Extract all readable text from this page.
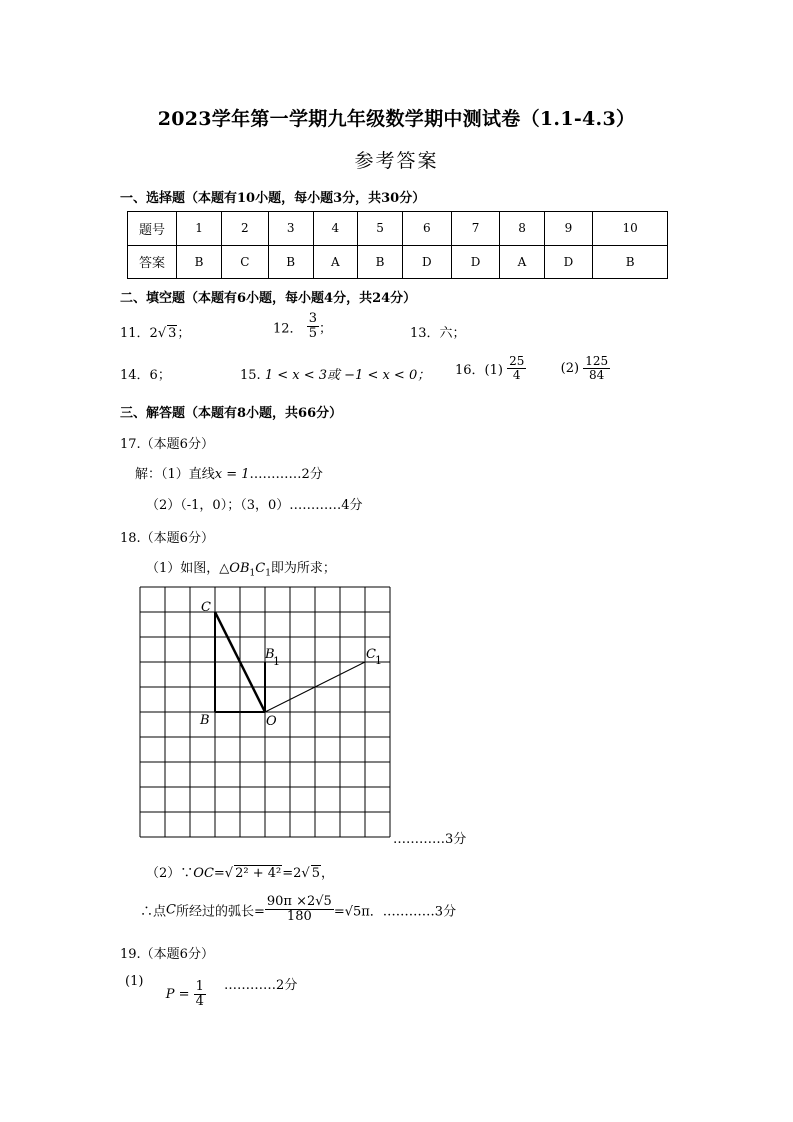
2023学年第一学期九年级数学期中测试卷（1.1-4.3）
参考答案
一、选择题（本题有10小题，每小题3分，共30分）
题号	1	2	3	4	5	6	7	8	9	10
答案	B	C	B	A	B	D	D	A	D	B
二、填空题（本题有6小题，每小题4分，共24分）
11．2√ 3；	12． $\frac{3}{5}$ ；	13．六；
14．6；	15. 1 < x < 3或 −1 < x < 0； 16．$(1) \frac{25}{4}$	$(2) \frac{125}{84}$
三、解答题（本题有8小题，共66分）
17.（本题6分）
解：（1）直线x = 1…………2分
（2）（-1，0）；（3，0）…………4分
18.（本题6分）
（1）如图，$\triangle OB_1C_1$即为所求；
C
B	O
B
1	C 1
…………3分
（2）∵OC=√ 2² + 4²=2√ 5，
∴点C所经过的弧长= $\frac{90\pi \times 2√5}{180} =√5\pi$．…………3分
19.（本题6分）
(1)  $P = \frac{1}{4}$ …………2分
